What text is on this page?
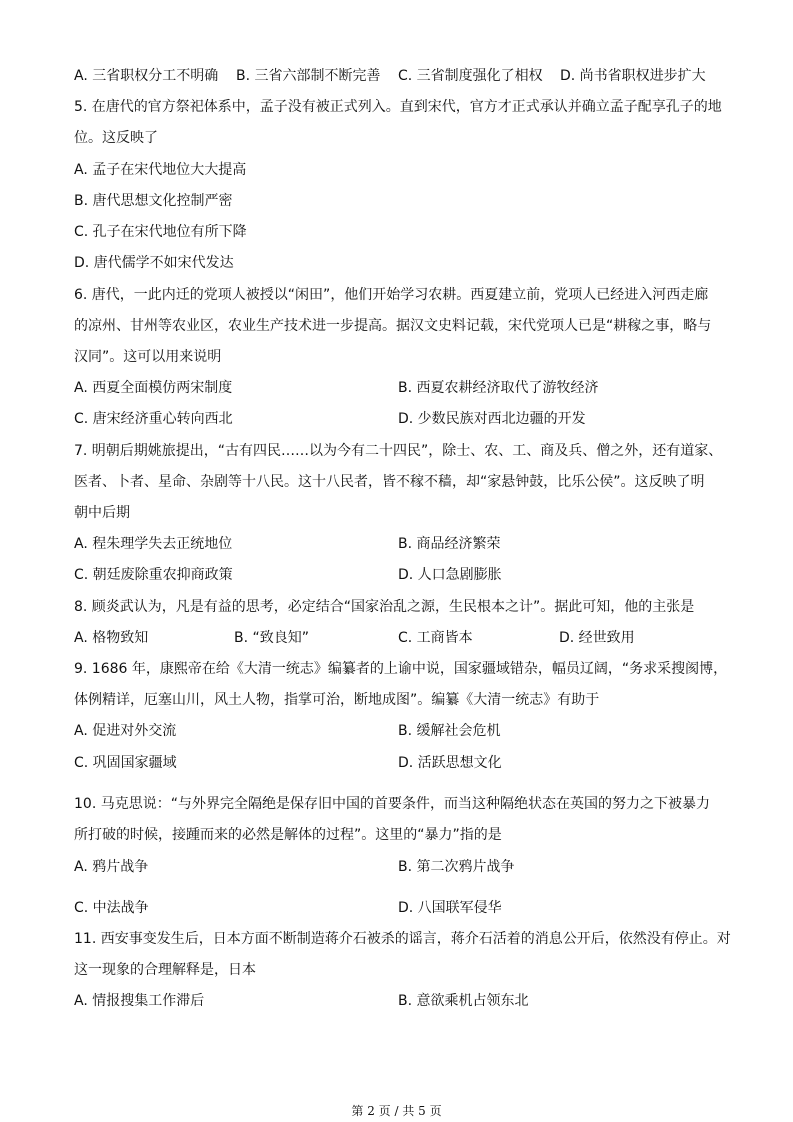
A. 三省职权分工不明确 B. 三省六部制不断完善 C. 三省制度强化了相权 D. 尚书省职权进步扩大
5. 在唐代的官方祭祀体系中，孟子没有被正式列入。直到宋代，官方才正式承认并确立孟子配享孔子的地
位。这反映了
A. 孟子在宋代地位大大提高
B. 唐代思想文化控制严密
C. 孔子在宋代地位有所下降
D. 唐代儒学不如宋代发达
6. 唐代，一此内迁的党项人被授以“闲田”，他们开始学习农耕。西夏建立前，党项人已经进入河西走廊
的凉州、甘州等农业区，农业生产技术进一步提高。据汉文史料记载，宋代党项人已是“耕稼之事，略与
汉同”。这可以用来说明
A. 西夏全面模仿两宋制度	B. 西夏农耕经济取代了游牧经济
C. 唐宋经济重心转向西北	D. 少数民族对西北边疆的开发
7. 明朝后期姚旅提出，“古有四民……以为今有二十四民”，除士、农、工、商及兵、僧之外，还有道家、
医者、卜者、星命、杂剧等十八民。这十八民者，皆不稼不穑，却“家悬钟鼓，比乐公侯”。这反映了明
朝中后期
A. 程朱理学失去正统地位	B. 商品经济繁荣
C. 朝廷废除重农抑商政策	D. 人口急剧膨胀
8. 顾炎武认为，凡是有益的思考，必定结合“国家治乱之源，生民根本之计”。据此可知，他的主张是
A. 格物致知	B. “致良知”	C. 工商皆本	D. 经世致用
9. 1686 年，康熙帝在给《大清一统志》编纂者的上谕中说，国家疆域错杂，幅员辽阔，“务求采搜阂博，
体例精详，厄塞山川，风土人物，指掌可治，断地成图”。编纂《大清一统志》有助于
A. 促进对外交流	B. 缓解社会危机
C. 巩固国家疆域	D. 活跃思想文化
10. 马克思说：“与外界完全隔绝是保存旧中国的首要条件，而当这种隔绝状态在英国的努力之下被暴力
所打破的时候，接踵而来的必然是解体的过程”。这里的“暴力”指的是
A. 鸦片战争	B. 第二次鸦片战争
C. 中法战争	D. 八国联军侵华
11. 西安事变发生后，日本方面不断制造蒋介石被杀的谣言，蒋介石活着的消息公开后，依然没有停止。对
这一现象的合理解释是，日本
A. 情报搜集工作滞后	B. 意欲乘机占领东北
第 2 页 / 共 5 页
